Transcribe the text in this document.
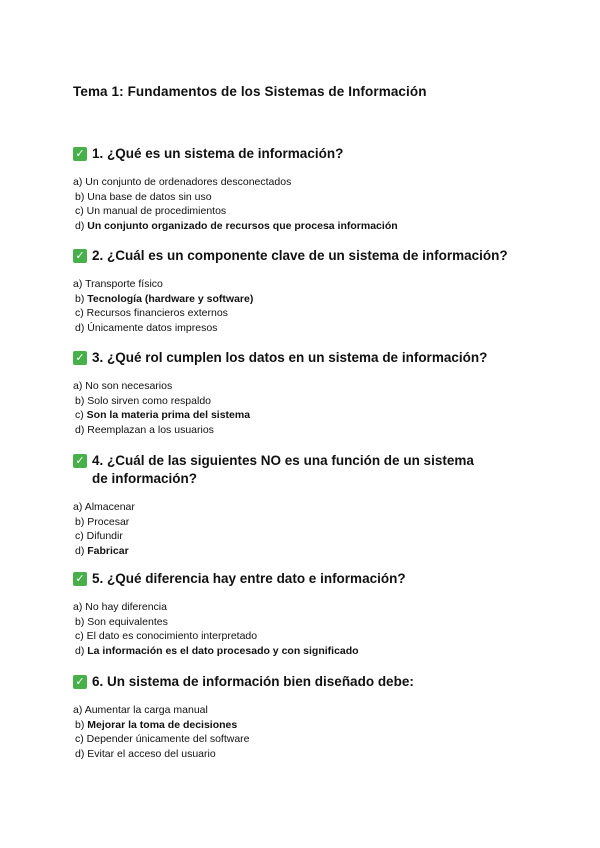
Tema 1: Fundamentos de los Sistemas de Información
✓ 1. ¿Qué es un sistema de información?
a) Un conjunto de ordenadores desconectados
b) Una base de datos sin uso
c) Un manual de procedimientos
d) Un conjunto organizado de recursos que procesa información
✓ 2. ¿Cuál es un componente clave de un sistema de información?
a) Transporte físico
b) Tecnología (hardware y software)
c) Recursos financieros externos
d) Únicamente datos impresos
✓ 3. ¿Qué rol cumplen los datos en un sistema de información?
a) No son necesarios
b) Solo sirven como respaldo
c) Son la materia prima del sistema
d) Reemplazan a los usuarios
✓ 4. ¿Cuál de las siguientes NO es una función de un sistema de información?
a) Almacenar
b) Procesar
c) Difundir
d) Fabricar
✓ 5. ¿Qué diferencia hay entre dato e información?
a) No hay diferencia
b) Son equivalentes
c) El dato es conocimiento interpretado
d) La información es el dato procesado y con significado
✓ 6. Un sistema de información bien diseñado debe:
a) Aumentar la carga manual
b) Mejorar la toma de decisiones
c) Depender únicamente del software
d) Evitar el acceso del usuario
